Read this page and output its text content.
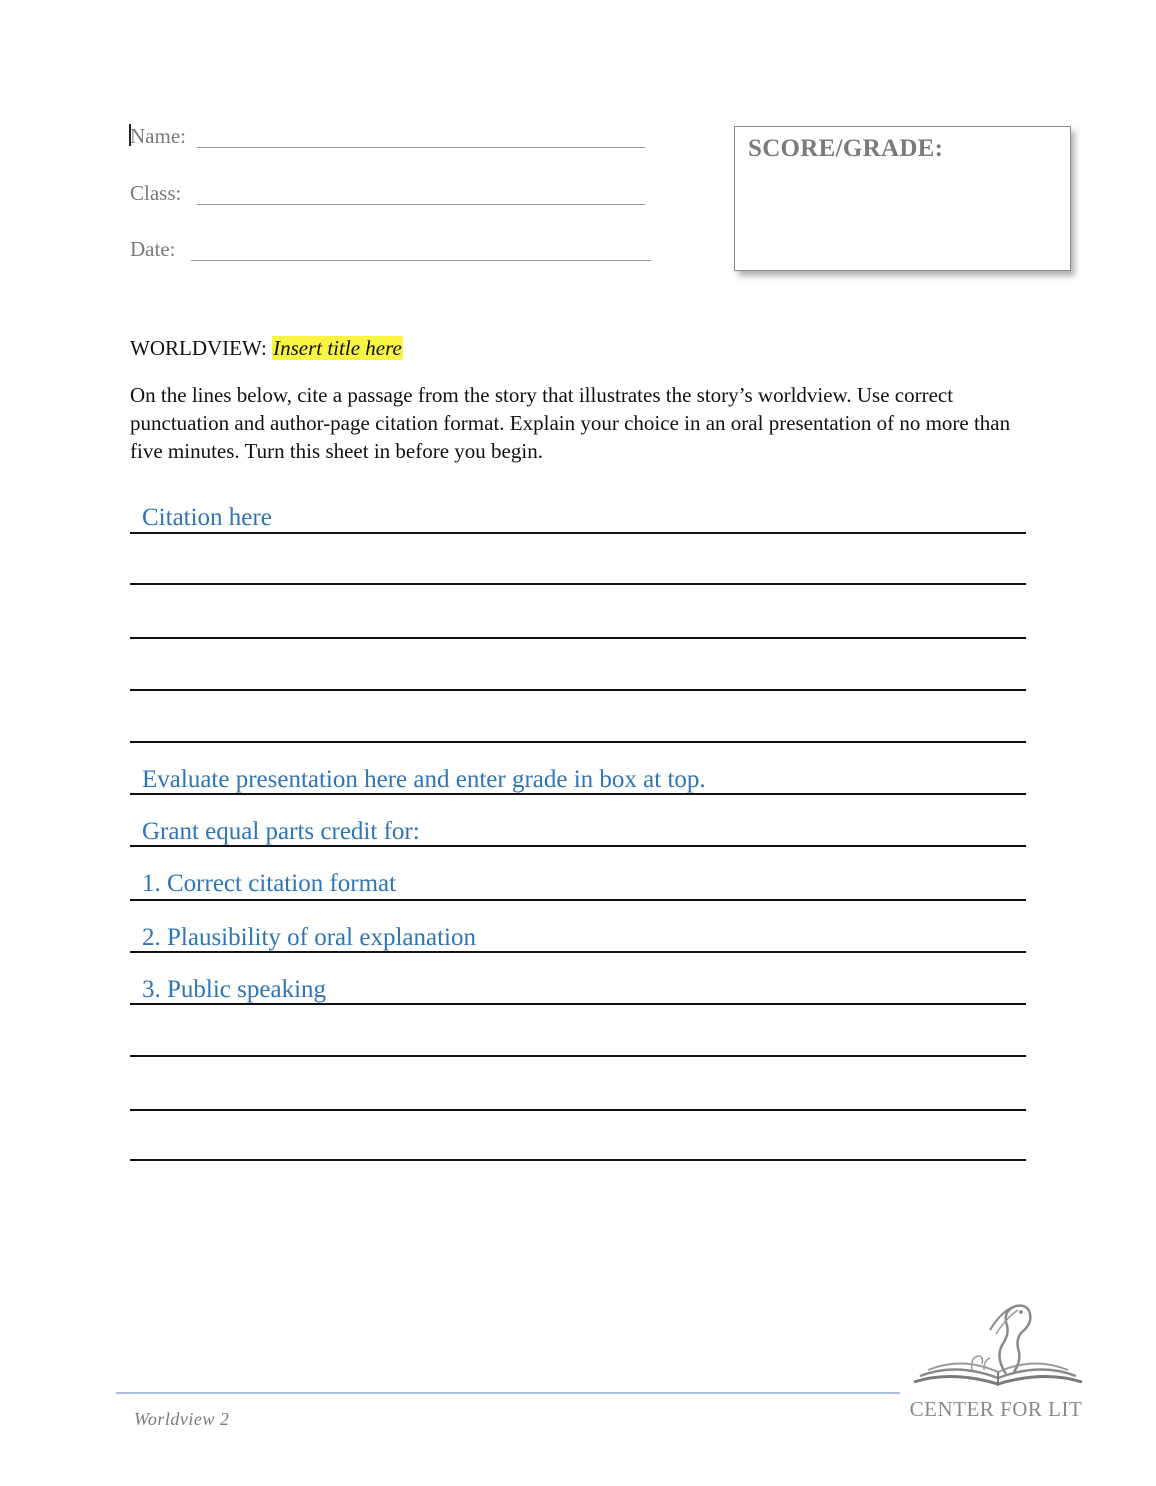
Name:
Class:
Date:
SCORE/GRADE:
WORLDVIEW: Insert title here
On the lines below, cite a passage from the story that illustrates the story’s worldview. Use correct punctuation and author-page citation format. Explain your choice in an oral presentation of no more than five minutes. Turn this sheet in before you begin.
Citation here
Evaluate presentation here and enter grade in box at top.
Grant equal parts credit for:
1. Correct citation format
2. Plausibility of oral explanation
3. Public speaking
Worldview 2	CENTER FOR LIT
